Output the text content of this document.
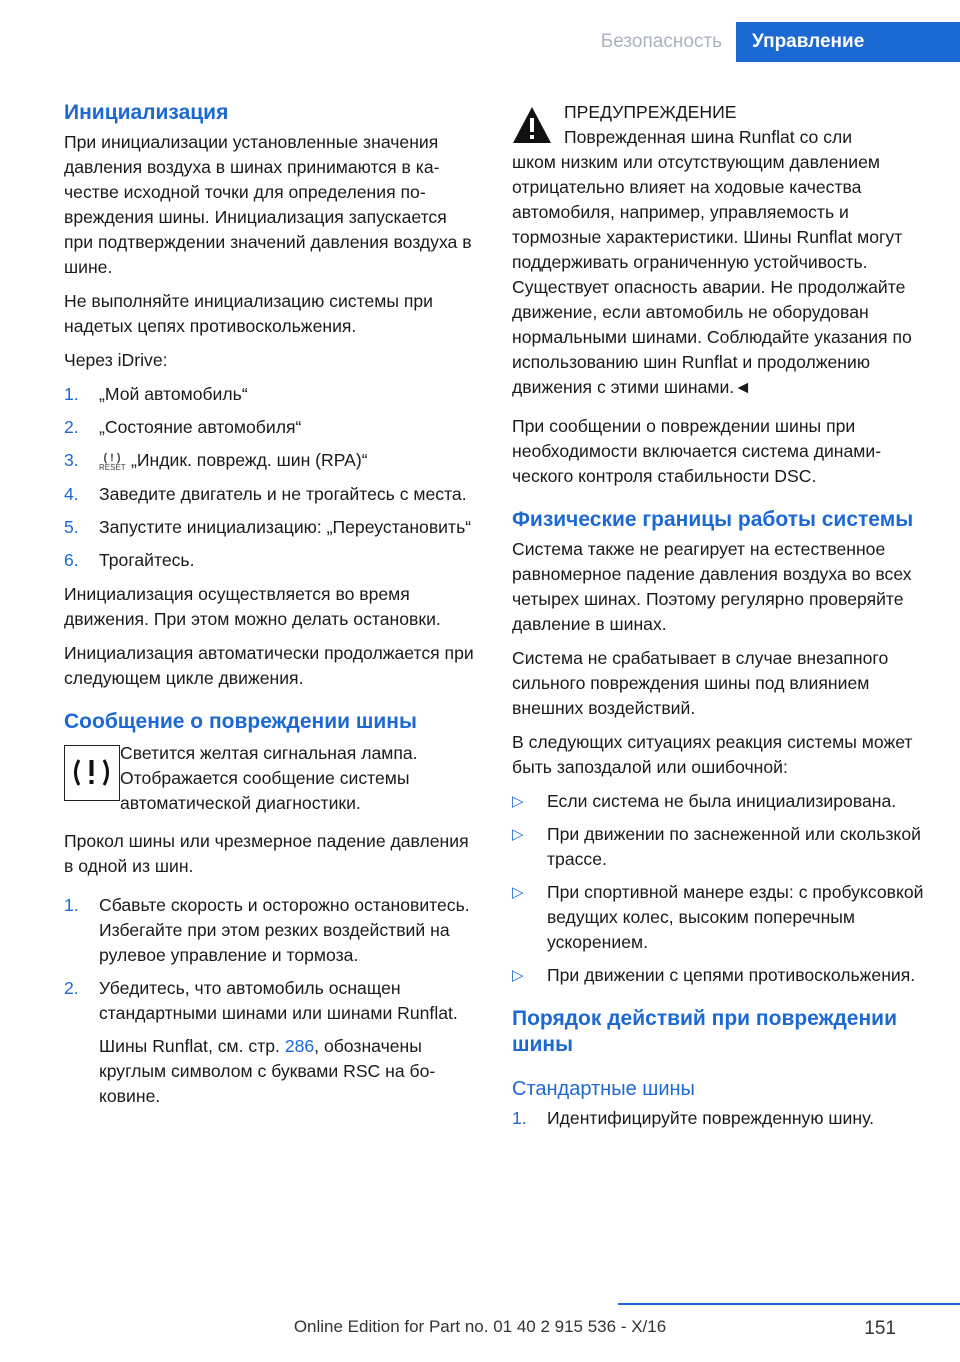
Безопасность	Управление
Инициализация

При инициализации установленные значения давления воздуха в шинах принимаются в качестве исходной точки для определения повреждения шины. Инициализация запускается при подтверждении значений давления воздуха в шине.

Не выполняйте инициализацию системы при надетых цепях противоскольжения.

Через iDrive:

1. „Мой автомобиль“
2. „Состояние автомобиля“
3.	( ! )
RESET „Индик. поврежд. шин (RPA)“
4. Заведите двигатель и не трогайтесь с места.
5. Запустите инициализацию: „Переустановить“
6. Трогайтесь.

Инициализация осуществляется во время движения. При этом можно делать остановки.

Инициализация автоматически продолжается при следующем цикле движения.

Сообщение о повреждении шины
Светится желтая сигнальная лампа. Отображается сообщение системы автоматической диагностики.

Прокол шины или чрезмерное падение давления в одной из шин.

1. Сбавьте скорость и осторожно остановитесь. Избегайте при этом резких воздействий на рулевое управление и тормоза.
2. Убедитесь, что автомобиль оснащен стандартными шинами или шинами Runflat.
Шины Runflat, см. стр. 286, обозначены круглым символом с буквами RSC на боковине.
ПРЕДУПРЕЖДЕНИЕ
Поврежденная шина Runflat со сли
шком низким или отсутствующим давлением отрицательно влияет на ходовые качества автомобиля, например, управляемость и тормозные характеристики. Шины Runflat могут поддерживать ограниченную устойчивость. Существует опасность аварии. Не продолжайте движение, если автомобиль не оборудован нормальными шинами. Соблюдайте указания по использованию шин Runflat и продолжению движения с этими шинами.◄

При сообщении о повреждении шины при необходимости включается система динамического контроля стабильности DSC.

Физические границы работы системы

Система также не реагирует на естественное равномерное падение давления воздуха во всех четырех шинах. Поэтому регулярно проверяйте давление в шинах.

Система не срабатывает в случае внезапного сильного повреждения шины под влиянием внешних воздействий.

В следующих ситуациях реакция системы может быть запоздалой или ошибочной:

▷ Если система не была инициализирована.
▷ При движении по заснеженной или скользкой трассе.
▷ При спортивной манере езды: с пробуксовкой ведущих колес, высоким поперечным ускорением.
▷ При движении с цепями противоскольжения.
Порядок действий при повреждении шины
Стандартные шины
1. Идентифицируйте поврежденную шину.
151
Online Edition for Part no. 01 40 2 915 536 - X/16
